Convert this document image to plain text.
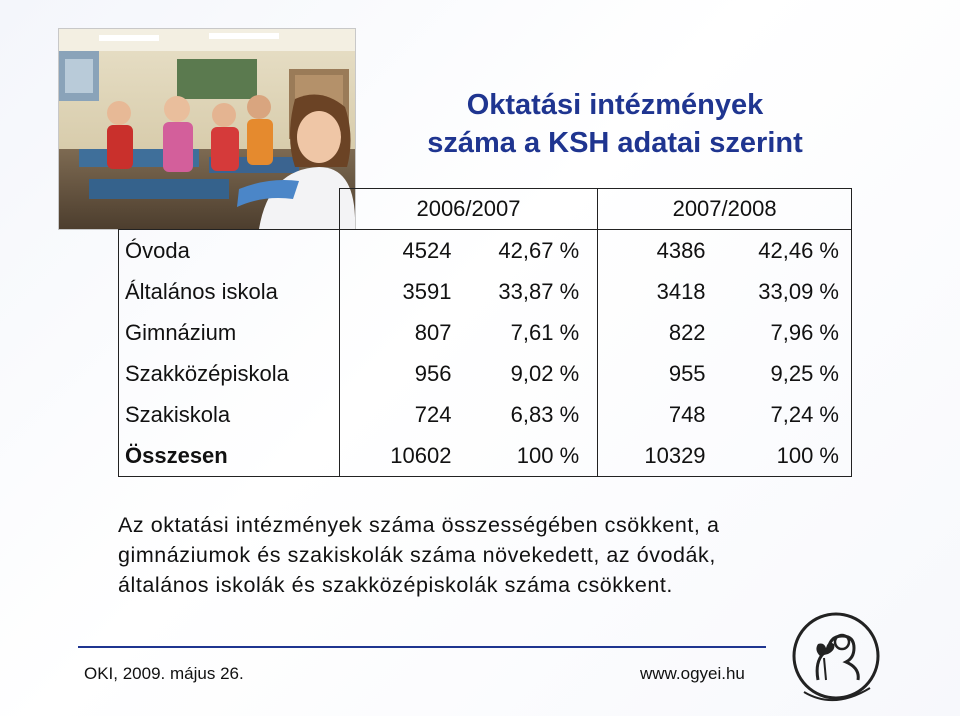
Oktatási intézmények
száma a KSH adatai szerint
	2006/2007		2007/2008	
Óvoda	4524	42,67 %	4386	42,46 %
Általános iskola	3591	33,87 %	3418	33,09 %
Gimnázium	807	7,61 %	822	7,96 %
Szakközépiskola	956	9,02 %	955	9,25 %
Szakiskola	724	6,83 %	748	7,24 %
Összesen	10602	100 %	10329	100 %
Az oktatási intézmények száma összességében csökkent, a
gimnáziumok és szakiskolák száma növekedett, az óvodák,
általános iskolák és szakközépiskolák száma csökkent.
OKI, 2009. május 26.	www.ogyei.hu
